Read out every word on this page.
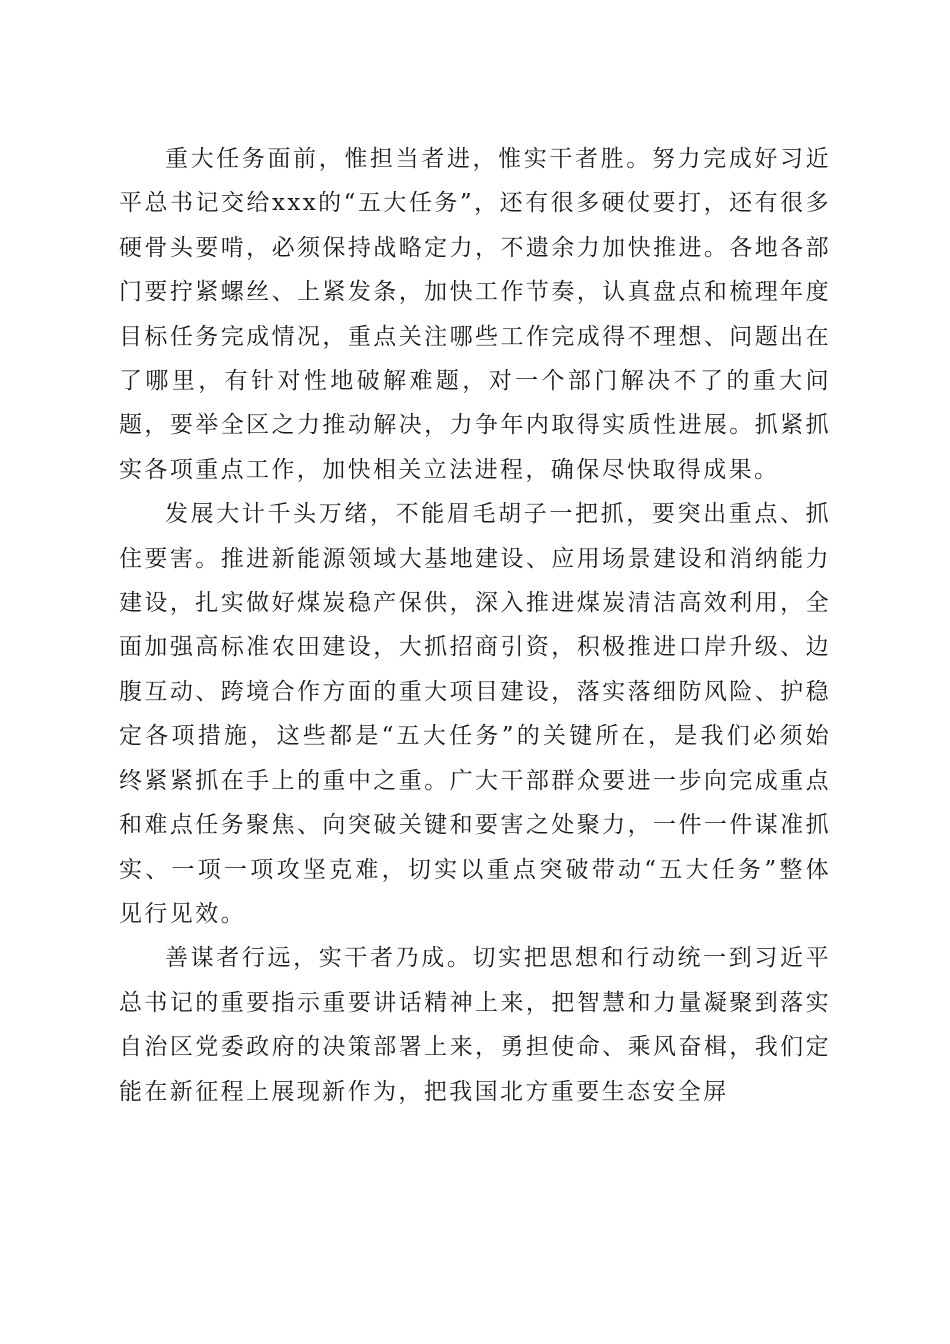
重大任务面前，惟担当者进，惟实干者胜。努力完成好习近平总书记交给xxx的“五大任务”，还有很多硬仗要打，还有很多硬骨头要啃，必须保持战略定力，不遗余力加快推进。各地各部门要拧紧螺丝、上紧发条，加快工作节奏，认真盘点和梳理年度目标任务完成情况，重点关注哪些工作完成得不理想、问题出在了哪里，有针对性地破解难题，对一个部门解决不了的重大问题，要举全区之力推动解决，力争年内取得实质性进展。抓紧抓实各项重点工作，加快相关立法进程，确保尽快取得成果。

发展大计千头万绪，不能眉毛胡子一把抓，要突出重点、抓住要害。推进新能源领域大基地建设、应用场景建设和消纳能力建设，扎实做好煤炭稳产保供，深入推进煤炭清洁高效利用，全面加强高标准农田建设，大抓招商引资，积极推进口岸升级、边腹互动、跨境合作方面的重大项目建设，落实落细防风险、护稳定各项措施，这些都是“五大任务”的关键所在，是我们必须始终紧紧抓在手上的重中之重。广大干部群众要进一步向完成重点和难点任务聚焦、向突破关键和要害之处聚力，一件一件谋准抓实、一项一项攻坚克难，切实以重点突破带动“五大任务”整体见行见效。

善谋者行远，实干者乃成。切实把思想和行动统一到习近平总书记的重要指示重要讲话精神上来，把智慧和力量凝聚到落实自治区党委政府的决策部署上来，勇担使命、乘风奋楫，我们定能在新征程上展现新作为，把我国北方重要生态安全屏
